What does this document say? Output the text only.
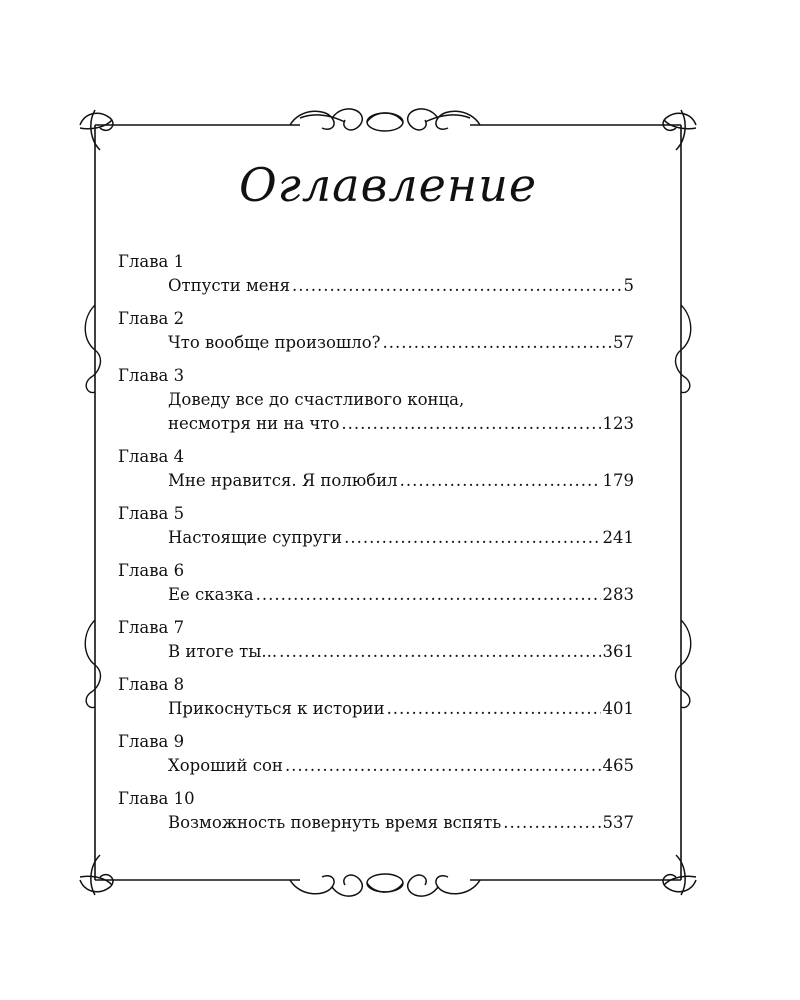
Оглавление
Глава 1
Отпусти меня .....	5
Глава 2
Что вообще произошло? .....	57
Глава 3
Доведу все до счастливого конца,
несмотря ни на что .....	123
Глава 4
Мне нравится. Я полюбил .....	179
Глава 5
Настоящие супруги .....	241
Глава 6
Ее сказка .....	283
Глава 7
В итоге ты... .....	361
Глава 8
Прикоснуться к истории .....	401
Глава 9
Хороший сон .....	465
Глава 10
Возможность повернуть время вспять .....	537
